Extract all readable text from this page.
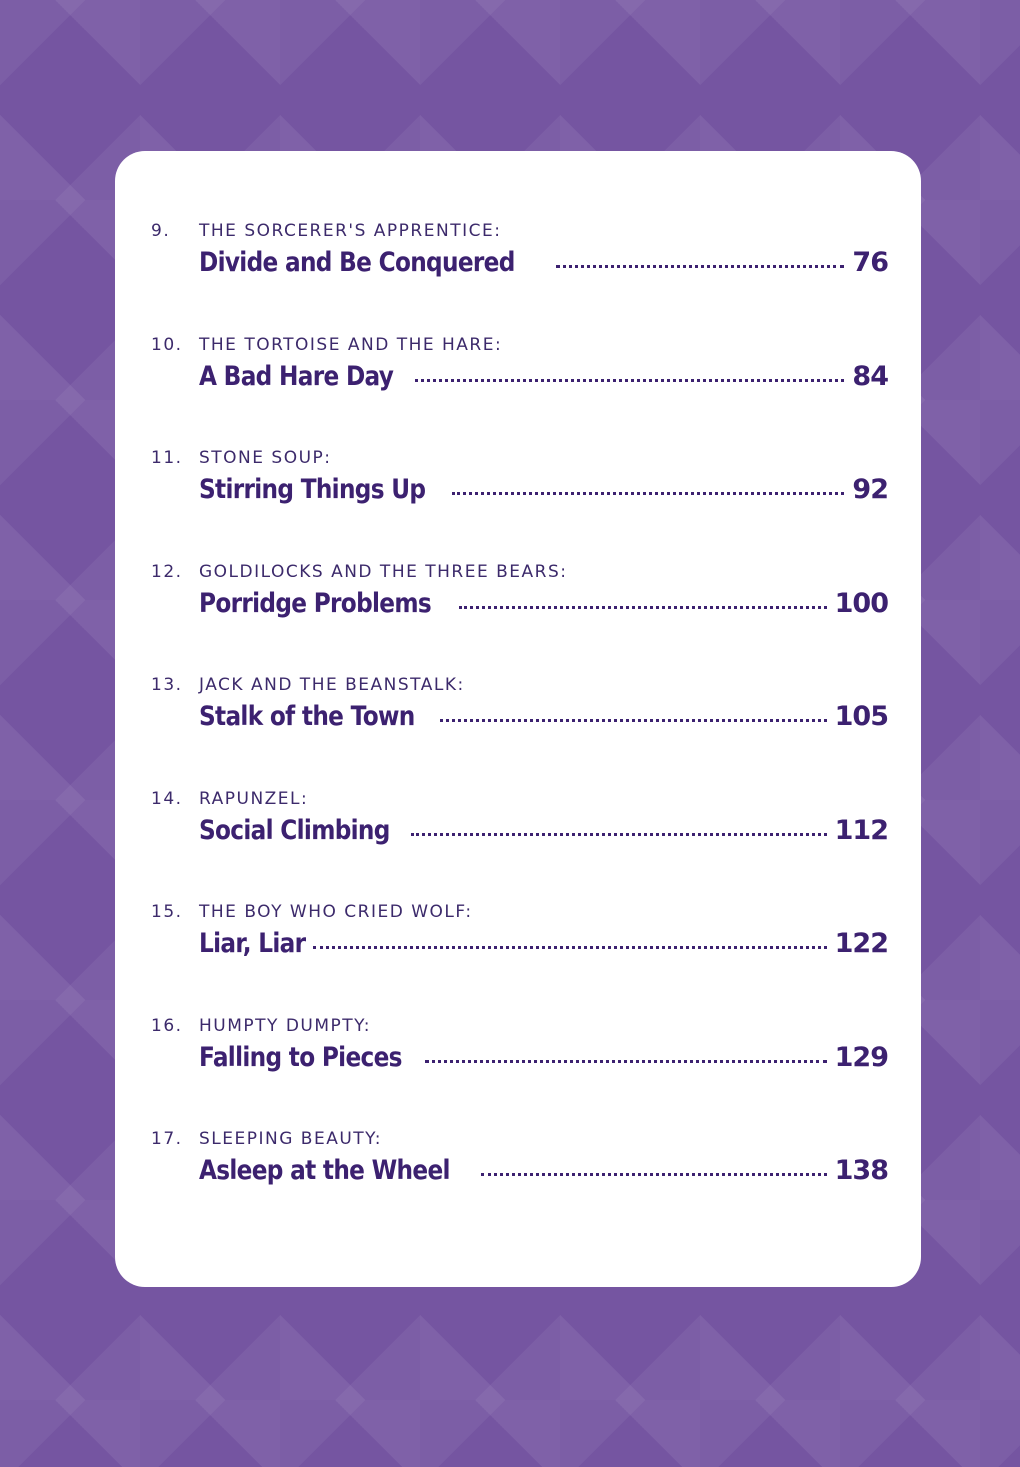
9. THE SORCERER'S APPRENTICE:
Divide and Be Conquered	76
10. THE TORTOISE AND THE HARE:
A Bad Hare Day	84
11. STONE SOUP:
Stirring Things Up	92
12. GOLDILOCKS AND THE THREE BEARS:
Porridge Problems	100
13. JACK AND THE BEANSTALK:
Stalk of the Town	105
14. RAPUNZEL:
Social Climbing	112
15. THE BOY WHO CRIED WOLF:
Liar, Liar	122
16. HUMPTY DUMPTY:
Falling to Pieces	129
17. SLEEPING BEAUTY:
Asleep at the Wheel	138
